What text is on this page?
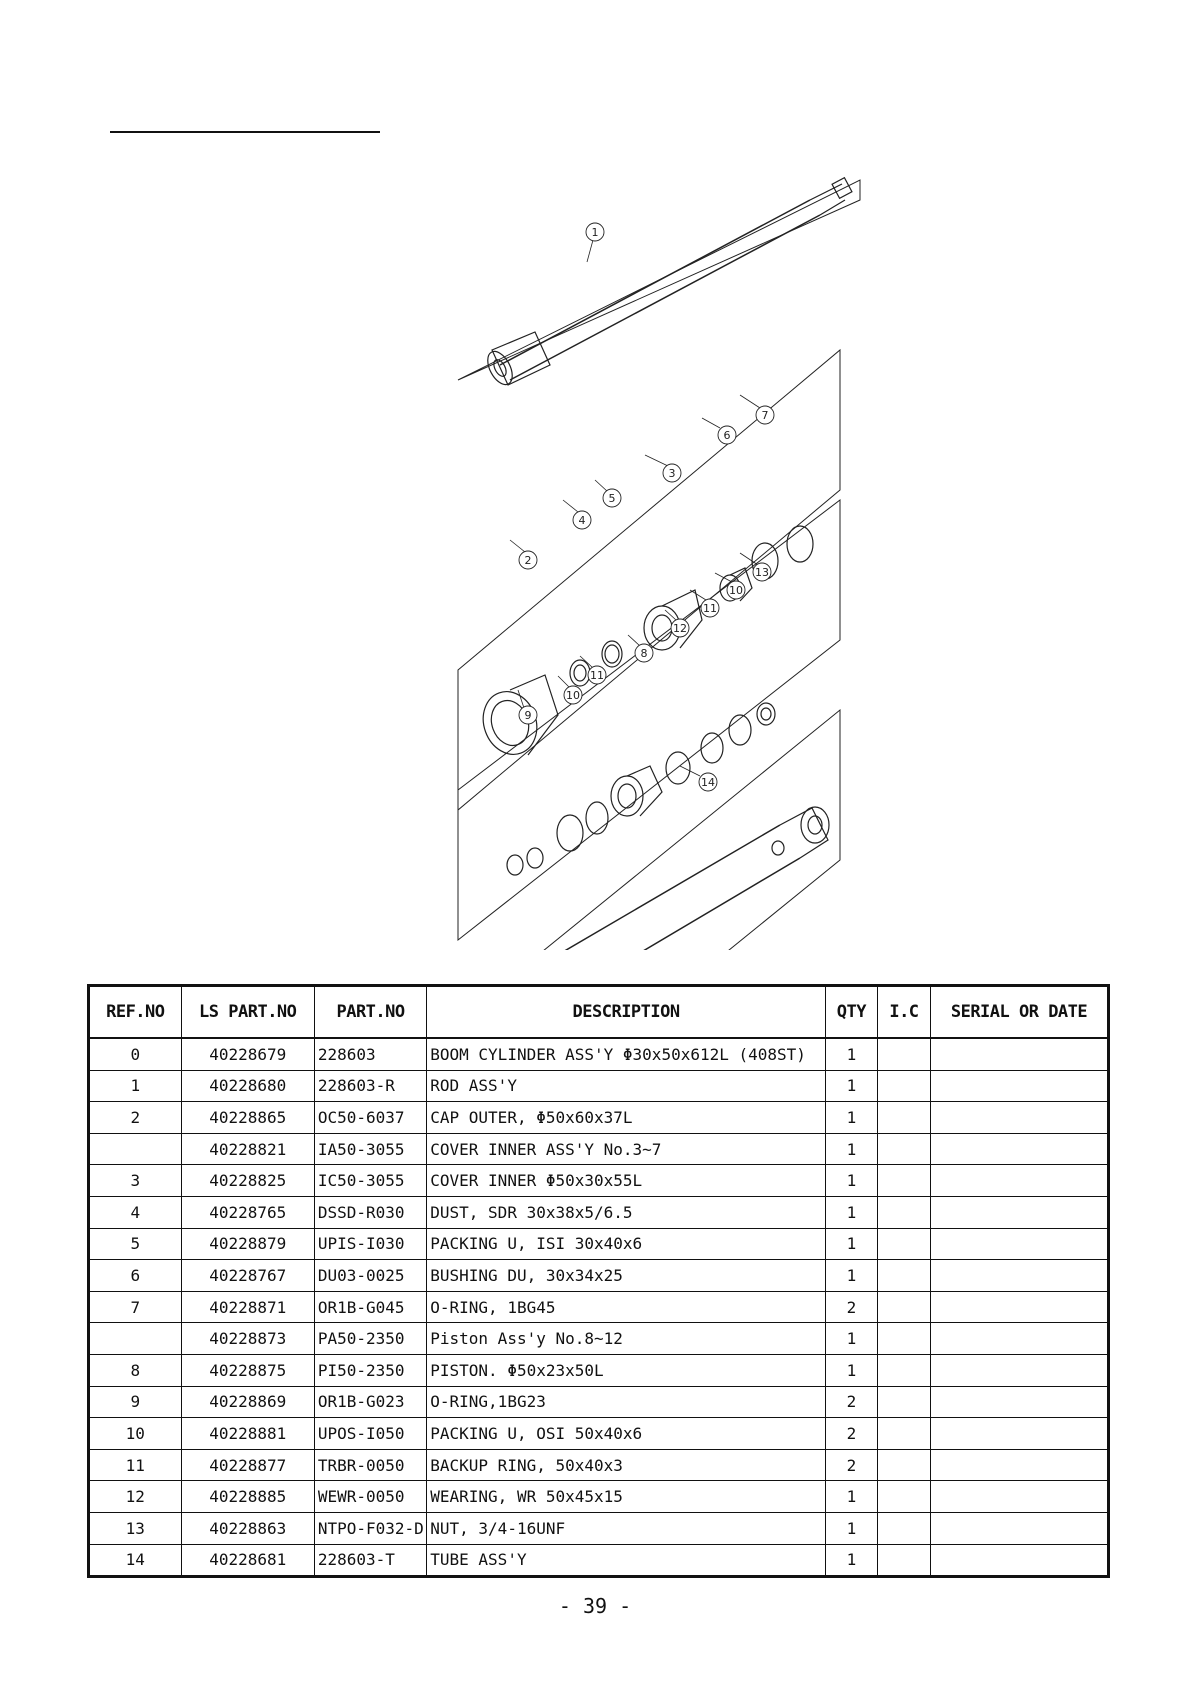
1
7
6
3
5
4
2
13
10
11
12
8
11
10
9
14
REF.NO	LS PART.NO	PART.NO	DESCRIPTION	QTY	I.C	SERIAL OR DATE
0	40228679	228603	BOOM CYLINDER ASS'Y Φ30x50x612L (408ST)	1		
1	40228680	228603-R	ROD ASS'Y	1		
2	40228865	OC50-6037	CAP OUTER, Φ50x60x37L	1		
	40228821	IA50-3055	COVER INNER ASS'Y No.3~7	1		
3	40228825	IC50-3055	COVER INNER Φ50x30x55L	1		
4	40228765	DSSD-R030	DUST, SDR 30x38x5/6.5	1		
5	40228879	UPIS-I030	PACKING U, ISI 30x40x6	1		
6	40228767	DU03-0025	BUSHING DU, 30x34x25	1		
7	40228871	OR1B-G045	O-RING, 1BG45	2		
	40228873	PA50-2350	Piston Ass'y No.8~12	1		
8	40228875	PI50-2350	PISTON. Φ50x23x50L	1		
9	40228869	OR1B-G023	O-RING,1BG23	2		
10	40228881	UPOS-I050	PACKING U, OSI 50x40x6	2		
11	40228877	TRBR-0050	BACKUP RING, 50x40x3	2		
12	40228885	WEWR-0050	WEARING, WR 50x45x15	1		
13	40228863	NTPO-F032-D	NUT, 3/4-16UNF	1		
14	40228681	228603-T	TUBE ASS'Y	1		
- 39 -
